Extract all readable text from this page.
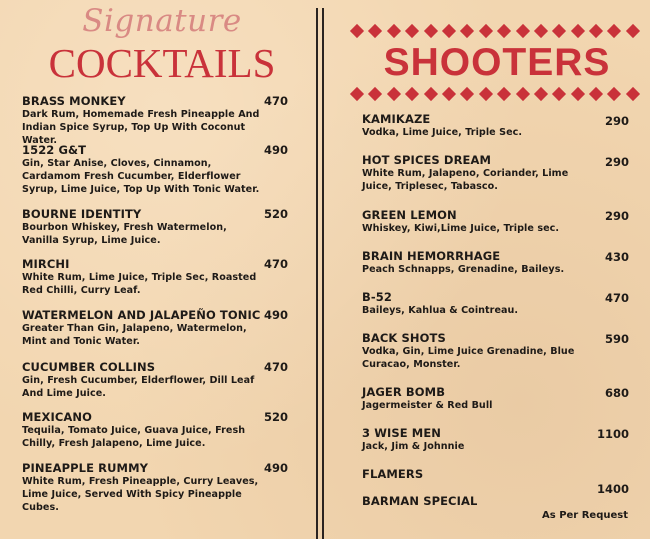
Signature
COCKTAILS	SHOOTERS
BRASS MONKEY
Dark Rum, Homemade Fresh Pineapple And Indian Spice Syrup, Top Up With Coconut Water.
470
1522 G&T
Gin, Star Anise, Cloves, Cinnamon, Cardamom Fresh Cucumber, Elderflower Syrup, Lime Juice, Top Up With Tonic Water.
490
BOURNE IDENTITY
Bourbon Whiskey, Fresh Watermelon, Vanilla Syrup, Lime Juice.
520
MIRCHI
White Rum, Lime Juice, Triple Sec, Roasted Red Chilli, Curry Leaf.
470
WATERMELON AND JALAPEÑO TONIC
Greater Than Gin, Jalapeno, Watermelon, Mint and Tonic Water.
490
CUCUMBER COLLINS
Gin, Fresh Cucumber, Elderflower, Dill Leaf And Lime Juice.
470
MEXICANO
Tequila, Tomato Juice, Guava Juice, Fresh Chilly, Fresh Jalapeno, Lime Juice.
520
PINEAPPLE RUMMY
White Rum, Fresh Pineapple, Curry Leaves, Lime Juice, Served With Spicy Pineapple Cubes.
490
KAMIKAZE
Vodka, Lime Juice, Triple Sec.
290
HOT SPICES DREAM
White Rum, Jalapeno, Coriander, Lime Juice, Triplesec, Tabasco.
290
GREEN LEMON
Whiskey, Kiwi,Lime Juice, Triple sec.
290
BRAIN HEMORRHAGE
Peach Schnapps, Grenadine, Baileys.
430
B-52
Baileys, Kahlua & Cointreau.
470
BACK SHOTS
Vodka, Gin, Lime Juice Grenadine, Blue Curacao, Monster.
590
JAGER BOMB
Jagermeister & Red Bull
680
3 WISE MEN
Jack, Jim & Johnnie
1100
FLAMERS
1400
BARMAN SPECIAL
As Per Request
